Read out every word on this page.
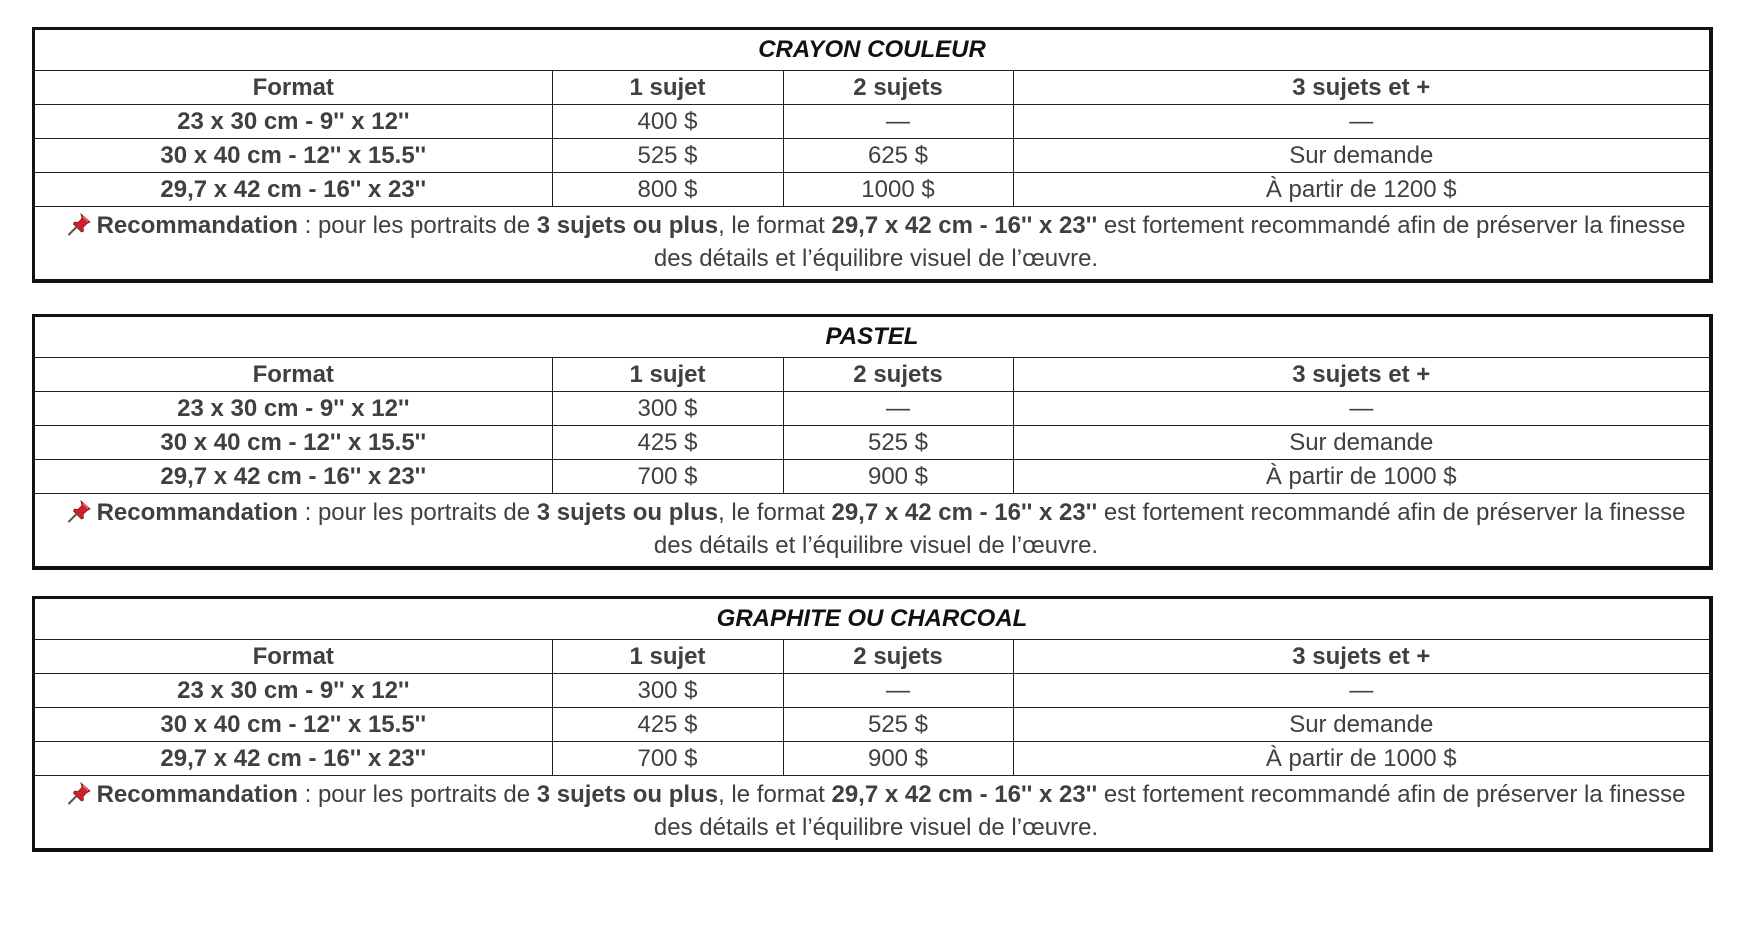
CRAYON COULEUR			
Format	1 sujet	2 sujets	3 sujets et +
23 x 30 cm - 9'' x 12''	400 $	—	—
30 x 40 cm - 12'' x 15.5''	525 $	625 $	Sur demande
29,7 x 42 cm - 16'' x 23''	800 $	1000 $	À partir de 1200 $
Recommandation : pour les portraits de 3 sujets ou plus, le format 29,7 x 42 cm - 16'' x 23'' est fortement recommandé afin de préserver la finesse des détails et l’équilibre visuel de l’œuvre.			
PASTEL			
Format	1 sujet	2 sujets	3 sujets et +
23 x 30 cm - 9'' x 12''	300 $	—	—
30 x 40 cm - 12'' x 15.5''	425 $	525 $	Sur demande
29,7 x 42 cm - 16'' x 23''	700 $	900 $	À partir de 1000 $
Recommandation : pour les portraits de 3 sujets ou plus, le format 29,7 x 42 cm - 16'' x 23'' est fortement recommandé afin de préserver la finesse des détails et l’équilibre visuel de l’œuvre.			
GRAPHITE OU CHARCOAL			
Format	1 sujet	2 sujets	3 sujets et +
23 x 30 cm - 9'' x 12''	300 $	—	—
30 x 40 cm - 12'' x 15.5''	425 $	525 $	Sur demande
29,7 x 42 cm - 16'' x 23''	700 $	900 $	À partir de 1000 $
Recommandation : pour les portraits de 3 sujets ou plus, le format 29,7 x 42 cm - 16'' x 23'' est fortement recommandé afin de préserver la finesse des détails et l’équilibre visuel de l’œuvre.			
